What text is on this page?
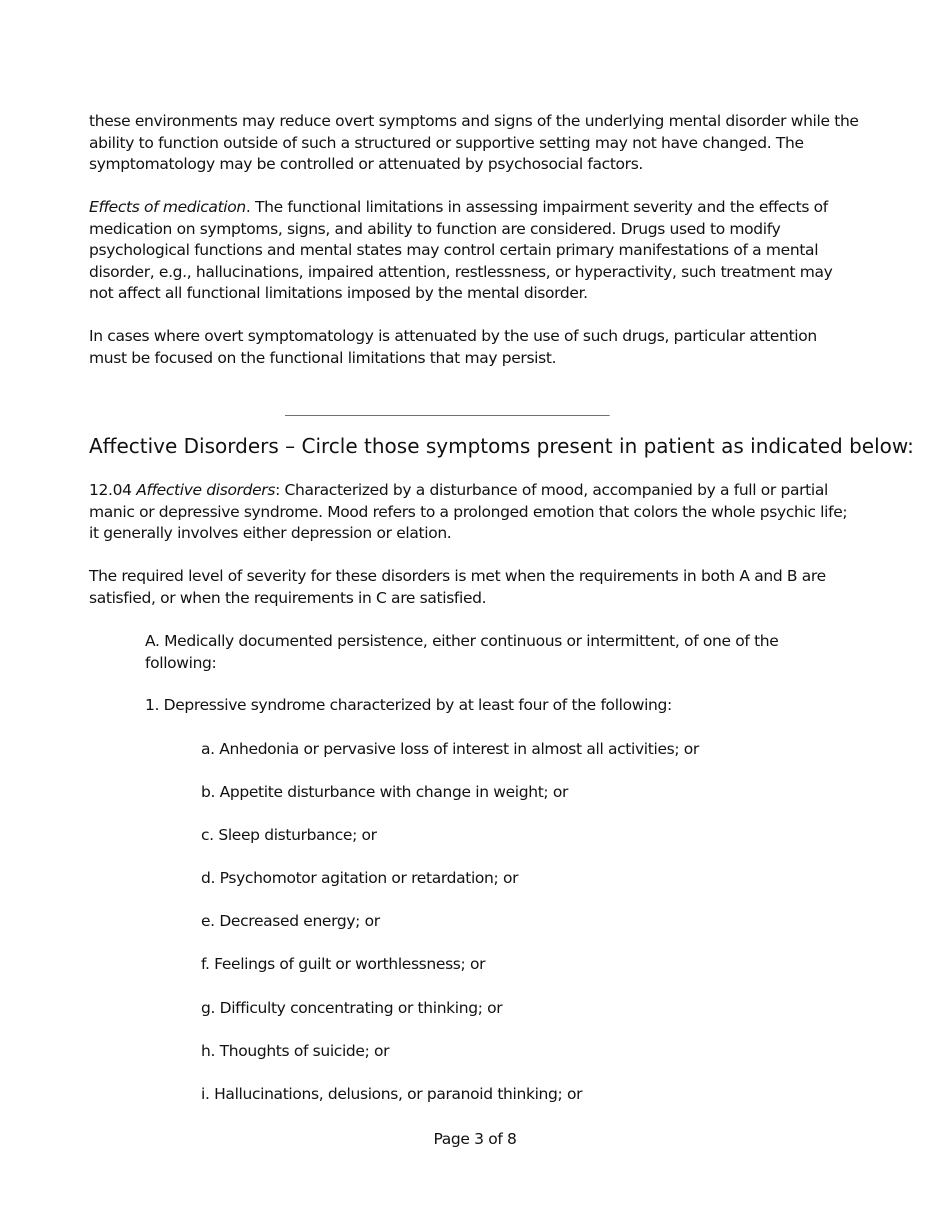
these environments may reduce overt symptoms and signs of the underlying mental disorder while the ability to function outside of such a structured or supportive setting may not have changed. The symptomatology may be controlled or attenuated by psychosocial factors.

Effects of medication. The functional limitations in assessing impairment severity and the effects of medication on symptoms, signs, and ability to function are considered. Drugs used to modify psychological functions and mental states may control certain primary manifestations of a mental disorder, e.g., hallucinations, impaired attention, restlessness, or hyperactivity, such treatment may not affect all functional limitations imposed by the mental disorder.

In cases where overt symptomatology is attenuated by the use of such drugs, particular attention must be focused on the functional limitations that may persist.

______________________________________
Affective Disorders – Circle those symptoms present in patient as indicated below:

12.04 Affective disorders: Characterized by a disturbance of mood, accompanied by a full or partial manic or depressive syndrome. Mood refers to a prolonged emotion that colors the whole psychic life; it generally involves either depression or elation.

The required level of severity for these disorders is met when the requirements in both A and B are satisfied, or when the requirements in C are satisfied.

A. Medically documented persistence, either continuous or intermittent, of one of the following:

1. Depressive syndrome characterized by at least four of the following:

a. Anhedonia or pervasive loss of interest in almost all activities; or

b. Appetite disturbance with change in weight; or

c. Sleep disturbance; or

d. Psychomotor agitation or retardation; or

e. Decreased energy; or

f. Feelings of guilt or worthlessness; or

g. Difficulty concentrating or thinking; or

h. Thoughts of suicide; or

i. Hallucinations, delusions, or paranoid thinking; or

Page 3 of 8
